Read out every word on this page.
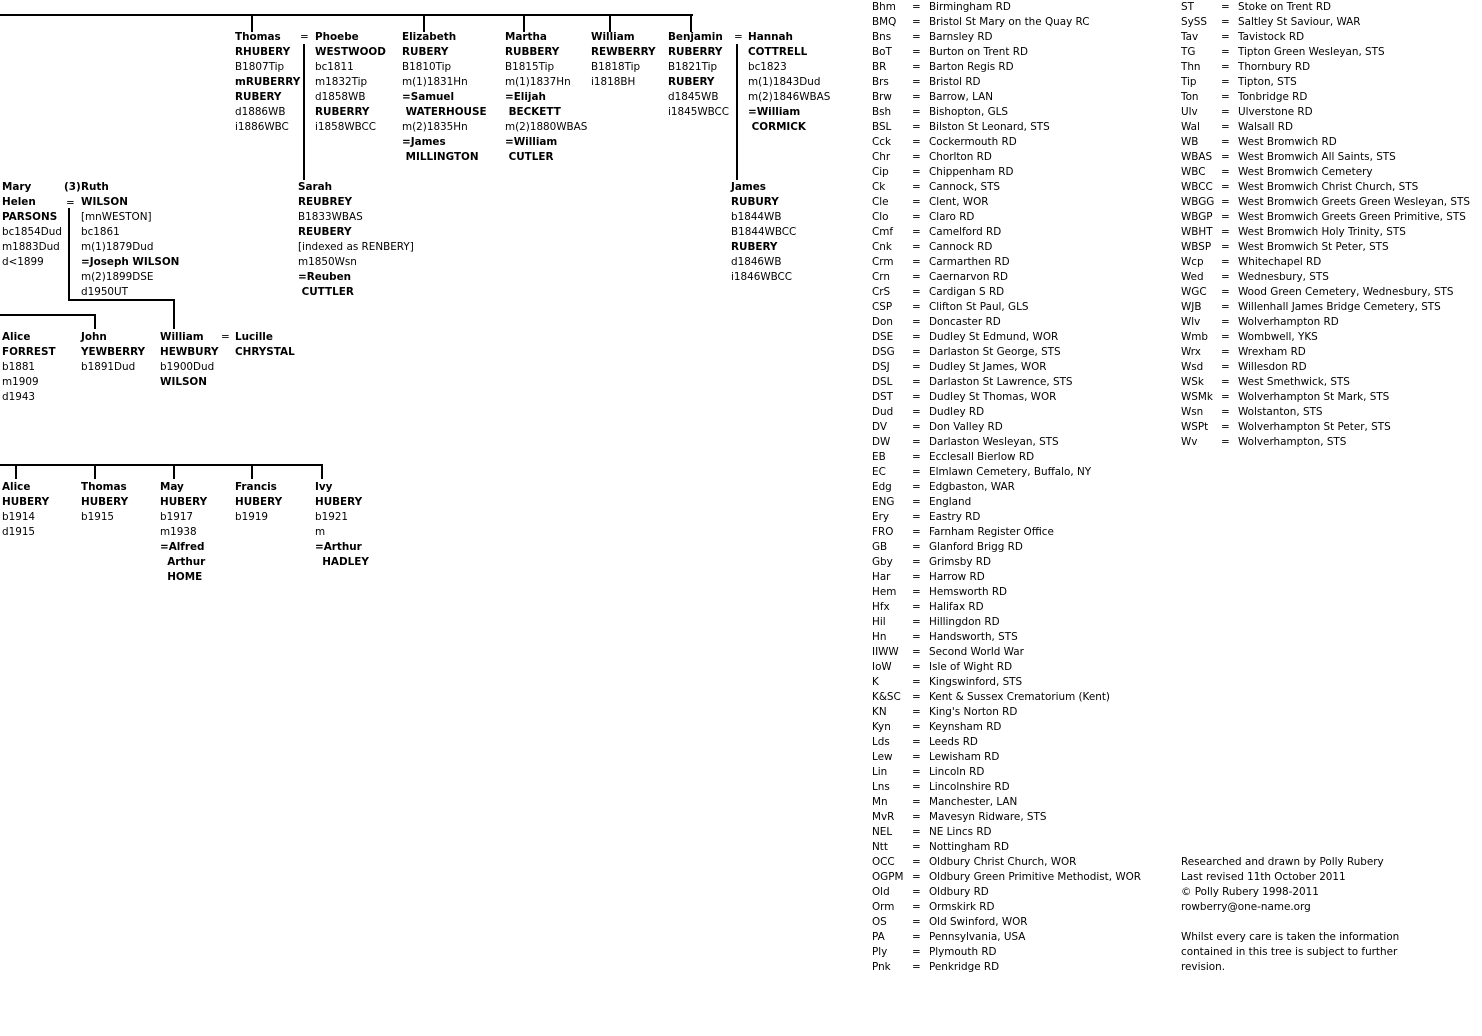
=	=
=
=
Thomas
RHUBERY
B1807Tip
mRUBERRY
RUBERY
d1886WB
i1886WBC
Phoebe
WESTWOOD
bc1811
m1832Tip
d1858WB
RUBERRY
i1858WBCC
Elizabeth
RUBERY
B1810Tip
m(1)1831Hn
=Samuel
WATERHOUSE
m(2)1835Hn
=James
MILLINGTON
Martha
RUBBERY
B1815Tip
m(1)1837Hn
=Elijah
BECKETT
m(2)1880WBAS
=William
CUTLER
William
REWBERRY
B1818Tip
i1818BH
Benjamin
RUBERRY
B1821Tip
RUBERY
d1845WB
i1845WBCC
Hannah
COTTRELL
bc1823
m(1)1843Dud
m(2)1846WBAS
=William
CORMICK
Sarah
REUBREY
B1833WBAS
REUBERY
[indexed as RENBERY]
m1850Wsn
=Reuben
CUTTLER
James
RUBURY
b1844WB
B1844WBCC
RUBERY
d1846WB
i1846WBCC
Mary
Helen
PARSONS
bc1854Dud
m1883Dud
d<1899
(3) Ruth
WILSON
[mnWESTON]
bc1861
m(1)1879Dud
=Joseph WILSON
m(2)1899DSE
d1950UT
Alice
FORREST
b1881
m1909
d1943
John
YEWBERRY
b1891Dud
William
HEWBURY
b1900Dud
WILSON
Lucille
CHRYSTAL
Alice
HUBERY
b1914
d1915
Thomas
HUBERY
b1915
May
HUBERY
b1917
m1938
=Alfred
Arthur
HOME
Francis
HUBERY
b1919
Ivy
HUBERY
b1921
m
=Arthur
HADLEY
Bhm = Birmingham RD
BMQ = Bristol St Mary on the Quay RC
Bns = Barnsley RD
BoT = Burton on Trent RD
BR = Barton Regis RD
Brs = Bristol RD
Brw = Barrow, LAN
Bsh = Bishopton, GLS
BSL = Bilston St Leonard, STS
Cck = Cockermouth RD
Chr = Chorlton RD
Cip = Chippenham RD
Ck	= Cannock, STS
Cle = Clent, WOR
Clo = Claro RD
Cmf = Camelford RD
Cnk = Cannock RD
Crm = Carmarthen RD
Crn = Caernarvon RD
CrS = Cardigan S RD
CSP = Clifton St Paul, GLS
Don = Doncaster RD
DSE = Dudley St Edmund, WOR
DSG = Darlaston St George, STS
DSJ = Dudley St James, WOR
DSL = Darlaston St Lawrence, STS
DST = Dudley St Thomas, WOR
Dud = Dudley RD
DV = Don Valley RD
DW = Darlaston Wesleyan, STS
EB	= Ecclesall Bierlow RD
EC	= Elmlawn Cemetery, Buffalo, NY
Edg = Edgbaston, WAR
ENG = England
Ery = Eastry RD
FRO = Farnham Register Office
GB = Glanford Brigg RD
Gby = Grimsby RD
Har = Harrow RD
Hem = Hemsworth RD
Hfx = Halifax RD
Hil	= Hillingdon RD
Hn = Handsworth, STS
IIWW = Second World War
IoW = Isle of Wight RD
K	= Kingswinford, STS
K&SC = Kent & Sussex Crematorium (Kent)
KN = King's Norton RD
Kyn = Keynsham RD
Lds = Leeds RD
Lew = Lewisham RD
Lin = Lincoln RD
Lns = Lincolnshire RD
Mn = Manchester, LAN
MvR = Mavesyn Ridware, STS
NEL = NE Lincs RD
Ntt = Nottingham RD
OCC = Oldbury Christ Church, WOR
OGPM = Oldbury Green Primitive Methodist, WOR
Old = Oldbury RD
Orm = Ormskirk RD
OS = Old Swinford, WOR
PA	= Pennsylvania, USA
Ply = Plymouth RD
Pnk = Penkridge RD
ST	= Stoke on Trent RD
SySS = Saltley St Saviour, WAR
Tav = Tavistock RD
TG = Tipton Green Wesleyan, STS
Thn = Thornbury RD
Tip = Tipton, STS
Ton = Tonbridge RD
Ulv = Ulverstone RD
Wal = Walsall RD
WB = West Bromwich RD
WBAS = West Bromwich All Saints, STS
WBC = West Bromwich Cemetery
WBCC = West Bromwich Christ Church, STS
WBGG = West Bromwich Greets Green Wesleyan, STS
WBGP = West Bromwich Greets Green Primitive, STS
WBHT = West Bromwich Holy Trinity, STS
WBSP = West Bromwich St Peter, STS
Wcp = Whitechapel RD
Wed = Wednesbury, STS
WGC = Wood Green Cemetery, Wednesbury, STS
WJB = Willenhall James Bridge Cemetery, STS
Wlv = Wolverhampton RD
Wmb = Wombwell, YKS
Wrx = Wrexham RD
Wsd = Willesdon RD
WSk = West Smethwick, STS
WSMk = Wolverhampton St Mark, STS
Wsn = Wolstanton, STS
WSPt = Wolverhampton St Peter, STS
Wv = Wolverhampton, STS
Researched and drawn by Polly Rubery
Last revised 11th October 2011
© Polly Rubery 1998-2011
rowberry@one-name.org
Whilst every care is taken the information
contained in this tree is subject to further
revision.
